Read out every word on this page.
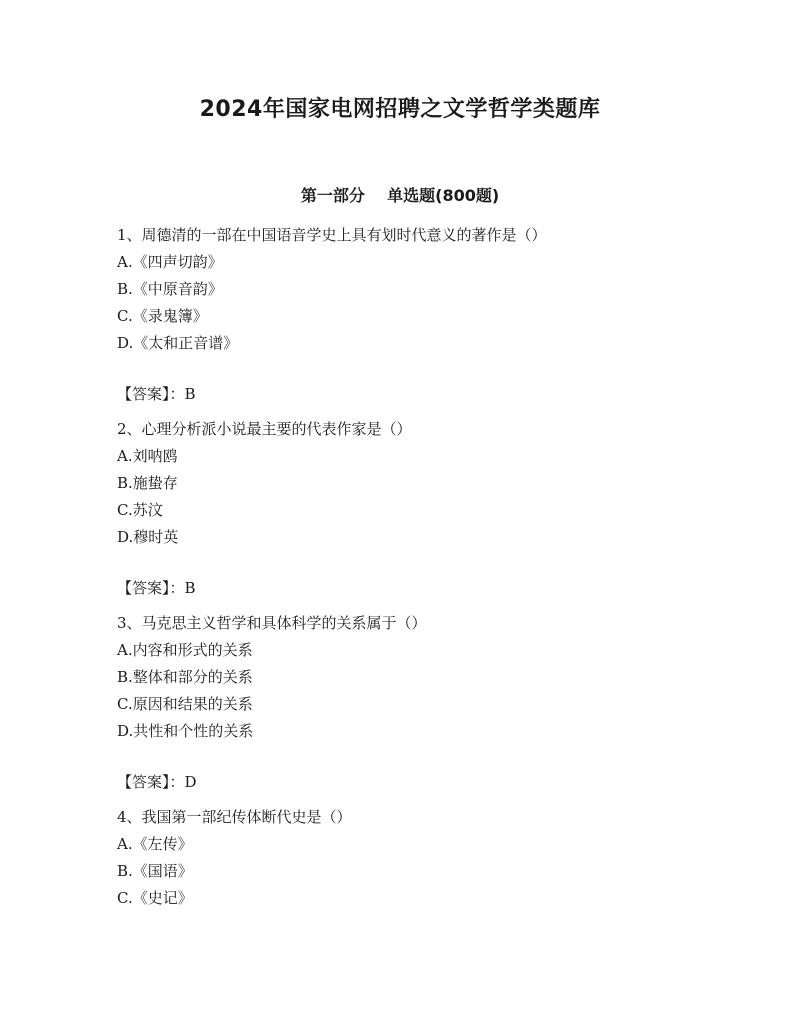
2024年国家电网招聘之文学哲学类题库
第一部分    单选题(800题)
1、周德清的一部在中国语音学史上具有划时代意义的著作是（）
A.《四声切韵》
B.《中原音韵》
C.《录鬼簿》
D.《太和正音谱》
【答案】：B
2、心理分析派小说最主要的代表作家是（）
A.刘呐鸥
B.施蛰存
C.苏汶
D.穆时英
【答案】：B
3、马克思主义哲学和具体科学的关系属于（）
A.内容和形式的关系
B.整体和部分的关系
C.原因和结果的关系
D.共性和个性的关系
【答案】：D
4、我国第一部纪传体断代史是（）
A.《左传》
B.《国语》
C.《史记》
